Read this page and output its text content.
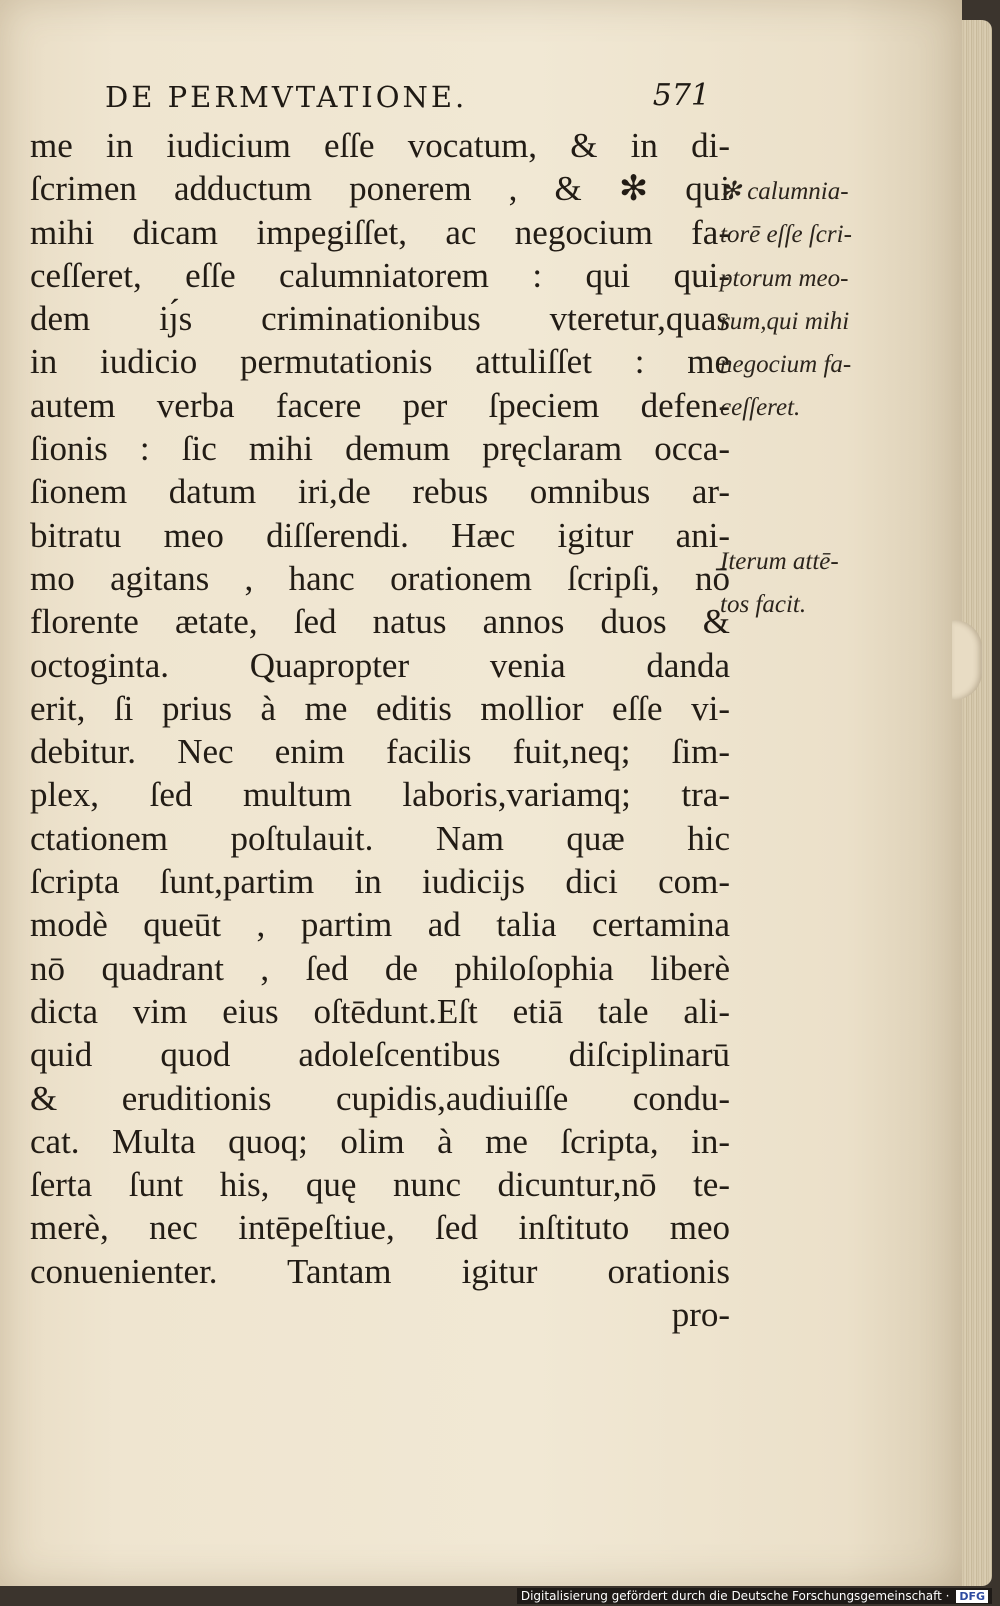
DE PERMVTATIONE.	571
me in iudicium eſſe vocatum, & in di-
ſcrimen adductum ponerem , & ✻ qui
mihi dicam impegiſſet, ac negocium fa-
ceſſeret, eſſe calumniatorem : qui qui-
dem iȷ́s criminationibus vteretur,quas
in iudicio permutationis attuliſſet : me
autem verba facere per ſpeciem defen-
ſionis : ſic mihi demum pręclaram occa-
ſionem datum iri,de rebus omnibus ar-
bitratu meo diſſerendi. Hæc igitur ani-
mo agitans , hanc orationem ſcripſi, nō
florente ætate, ſed natus annos duos &
octoginta. Quapropter venia danda
erit, ſi prius à me editis mollior eſſe vi-
debitur. Nec enim facilis fuit,neq; ſim-
plex, ſed multum laboris,variamq; tra-
ctationem poſtulauit. Nam quæ hic
ſcripta ſunt,partim in iudicijs dici com-
modè queūt , partim ad talia certamina
nō quadrant , ſed de philoſophia liberè
dicta vim eius oſtēdunt.Eſt etiā tale ali-
quid quod adoleſcentibus diſciplinarū
& eruditionis cupidis,audiuiſſe condu-
cat. Multa quoq; olim à me ſcripta, in-
ſerta ſunt his, quę nunc dicuntur,nō te-
merè, nec intēpeſtiue, ſed inſtituto meo
conuenienter. Tantam igitur orationis
pro-
✻ calumnia-
torē eſſe ſcri-
ptorum meo-
rum,qui mihi
negocium fa-
ceſſeret.
Iterum attē-
tos facit.
Digitalisierung gefördert durch die Deutsche Forschungsgemeinschaft · DFG
